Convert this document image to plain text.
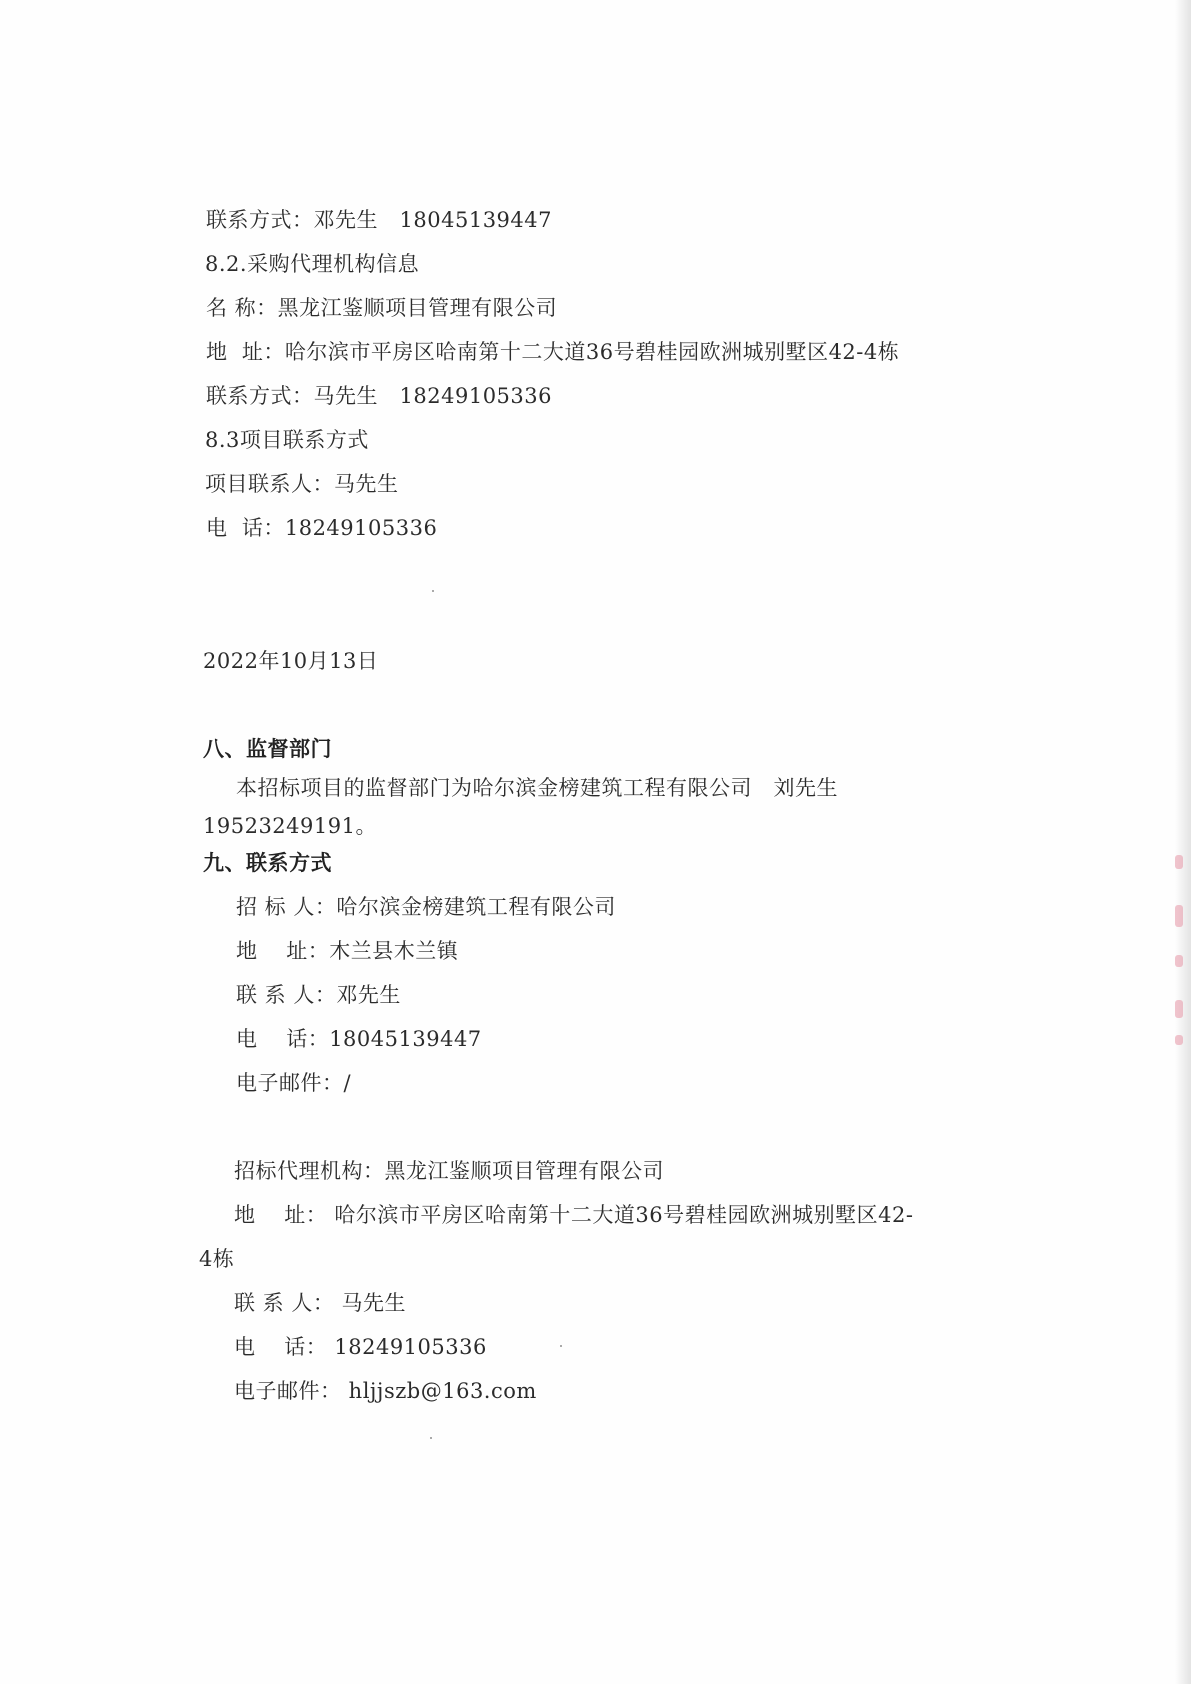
联系方式：邓先生   18045139447
8.2.采购代理机构信息
名 称：黑龙江鉴顺项目管理有限公司
地  址：哈尔滨市平房区哈南第十二大道36号碧桂园欧洲城别墅区42-4栋
联系方式：马先生   18249105336
8.3项目联系方式
项目联系人：马先生
电  话：18249105336
2022年10月13日
八、监督部门
本招标项目的监督部门为哈尔滨金榜建筑工程有限公司   刘先生
19523249191。
九、联系方式
招 标 人：哈尔滨金榜建筑工程有限公司
地    址：木兰县木兰镇
联 系 人：邓先生
电    话：18045139447
电子邮件：/
招标代理机构：黑龙江鉴顺项目管理有限公司
地    址： 哈尔滨市平房区哈南第十二大道36号碧桂园欧洲城别墅区42-
4栋
联 系 人： 马先生
电    话： 18249105336
电子邮件： hljjszb@163.com
